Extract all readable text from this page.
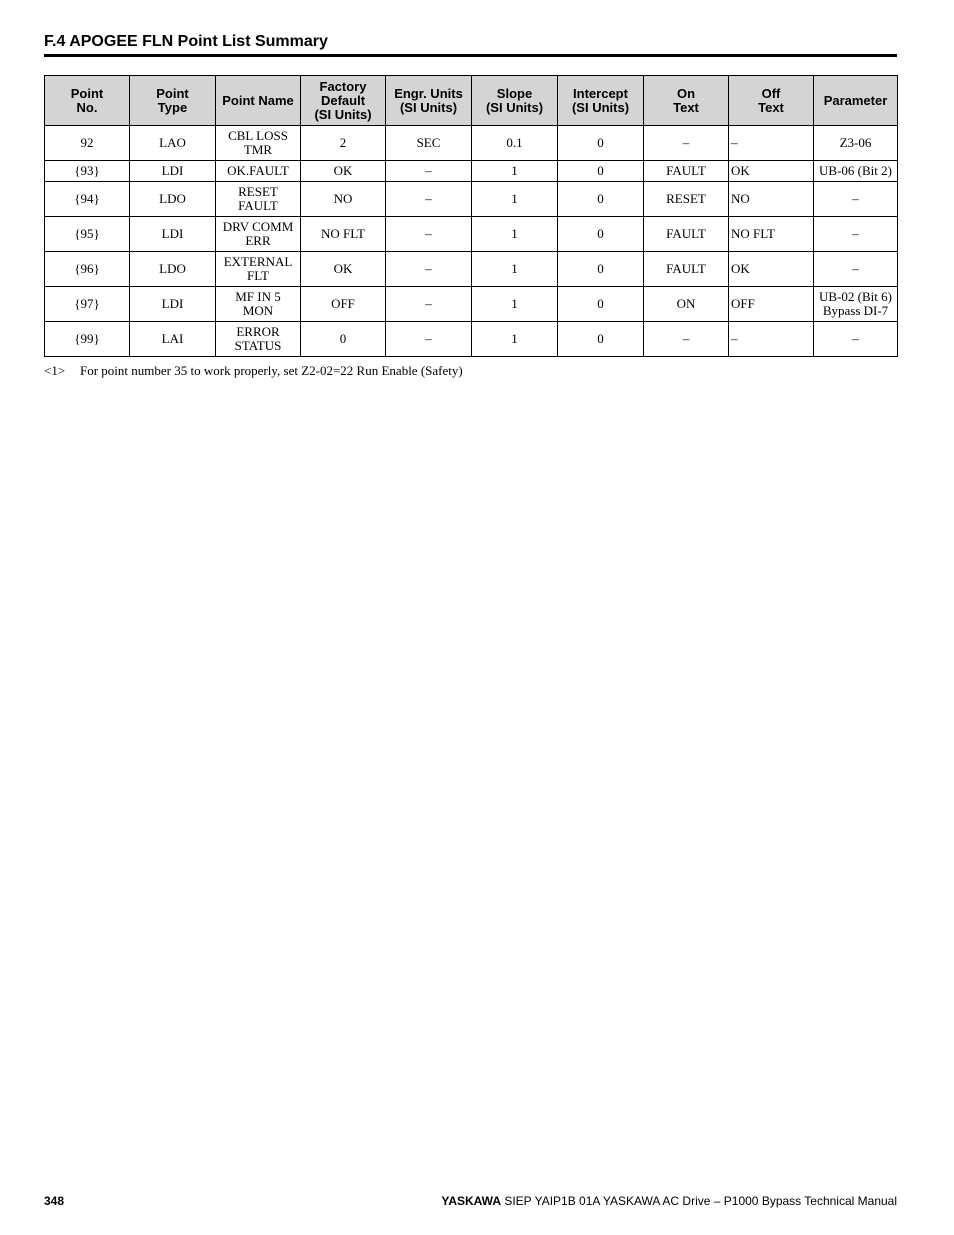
F.4 APOGEE FLN Point List Summary
Point
No.	Point
Type	Point Name	Factory
Default
(SI Units)	Engr. Units
(SI Units)	Slope
(SI Units)	Intercept
(SI Units)	On
Text	Off
Text	Parameter
92	LAO	CBL LOSS
TMR	2	SEC	0.1	0	–	–	Z3-06
{93}	LDI	OK.FAULT	OK	–	1	0	FAULT	OK	UB-06 (Bit 2)
{94}	LDO	RESET
FAULT	NO	–	1	0	RESET	NO	–
{95}	LDI	DRV COMM
ERR	NO FLT	–	1	0	FAULT	NO FLT	–
{96}	LDO	EXTERNAL
FLT	OK	–	1	0	FAULT	OK	–
{97}	LDI	MF IN 5
MON	OFF	–	1	0	ON	OFF	UB-02 (Bit 6)
Bypass DI-7
{99}	LAI	ERROR
STATUS	0	–	1	0	–	–	–
<1> For point number 35 to work properly, set Z2-02=22 Run Enable (Safety)
348	YASKAWA SIEP YAIP1B 01A YASKAWA AC Drive – P1000 Bypass Technical Manual
